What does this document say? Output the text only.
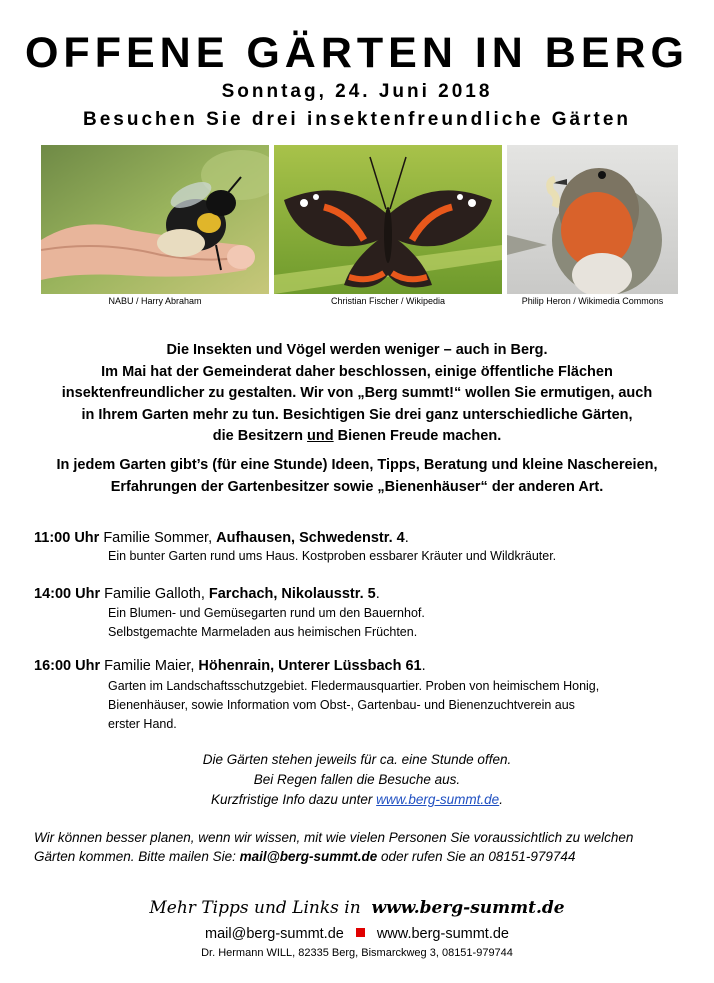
OFFENE GÄRTEN IN BERG
Sonntag, 24. Juni 2018
Besuchen Sie drei insektenfreundliche Gärten
NABU / Harry Abraham	Christian Fischer / Wikipedia	Philip Heron / Wikimedia Commons
Die Insekten und Vögel werden weniger – auch in Berg.
Im Mai hat der Gemeinderat daher beschlossen, einige öffentliche Flächen
insektenfreundlicher zu gestalten. Wir von „Berg summt!“ wollen Sie ermutigen, auch
in Ihrem Garten mehr zu tun. Besichtigen Sie drei ganz unterschiedliche Gärten,
die Besitzern und Bienen Freude machen.
In jedem Garten gibt’s (für eine Stunde) Ideen, Tipps, Beratung und kleine Naschereien,
Erfahrungen der Gartenbesitzer sowie „Bienenhäuser“ der anderen Art.
11:00 Uhr Familie Sommer, Aufhausen, Schwedenstr. 4.
Ein bunter Garten rund ums Haus. Kostproben essbarer Kräuter und Wildkräuter.
14:00 Uhr Familie Galloth, Farchach, Nikolausstr. 5.
Ein Blumen- und Gemüsegarten rund um den Bauernhof.
Selbstgemachte Marmeladen aus heimischen Früchten.
16:00 Uhr Familie Maier, Höhenrain, Unterer Lüssbach 61.
Garten im Landschaftsschutzgebiet. Fledermausquartier. Proben von heimischem Honig,
Bienenhäuser, sowie Information vom Obst-, Gartenbau- und Bienenzuchtverein aus
erster Hand.
Die Gärten stehen jeweils für ca. eine Stunde offen.
Bei Regen fallen die Besuche aus.
Kurzfristige Info dazu unter www.berg-summt.de.
Wir können besser planen, wenn wir wissen, mit wie vielen Personen Sie voraussichtlich zu welchen
Gärten kommen. Bitte mailen Sie: mail@berg-summt.de oder rufen Sie an 08151-979744
Mehr Tipps und Links in www.berg-summt.de
mail@berg-summt.de www.berg-summt.de
Dr. Hermann WILL, 82335 Berg, Bismarckweg 3, 08151-979744
